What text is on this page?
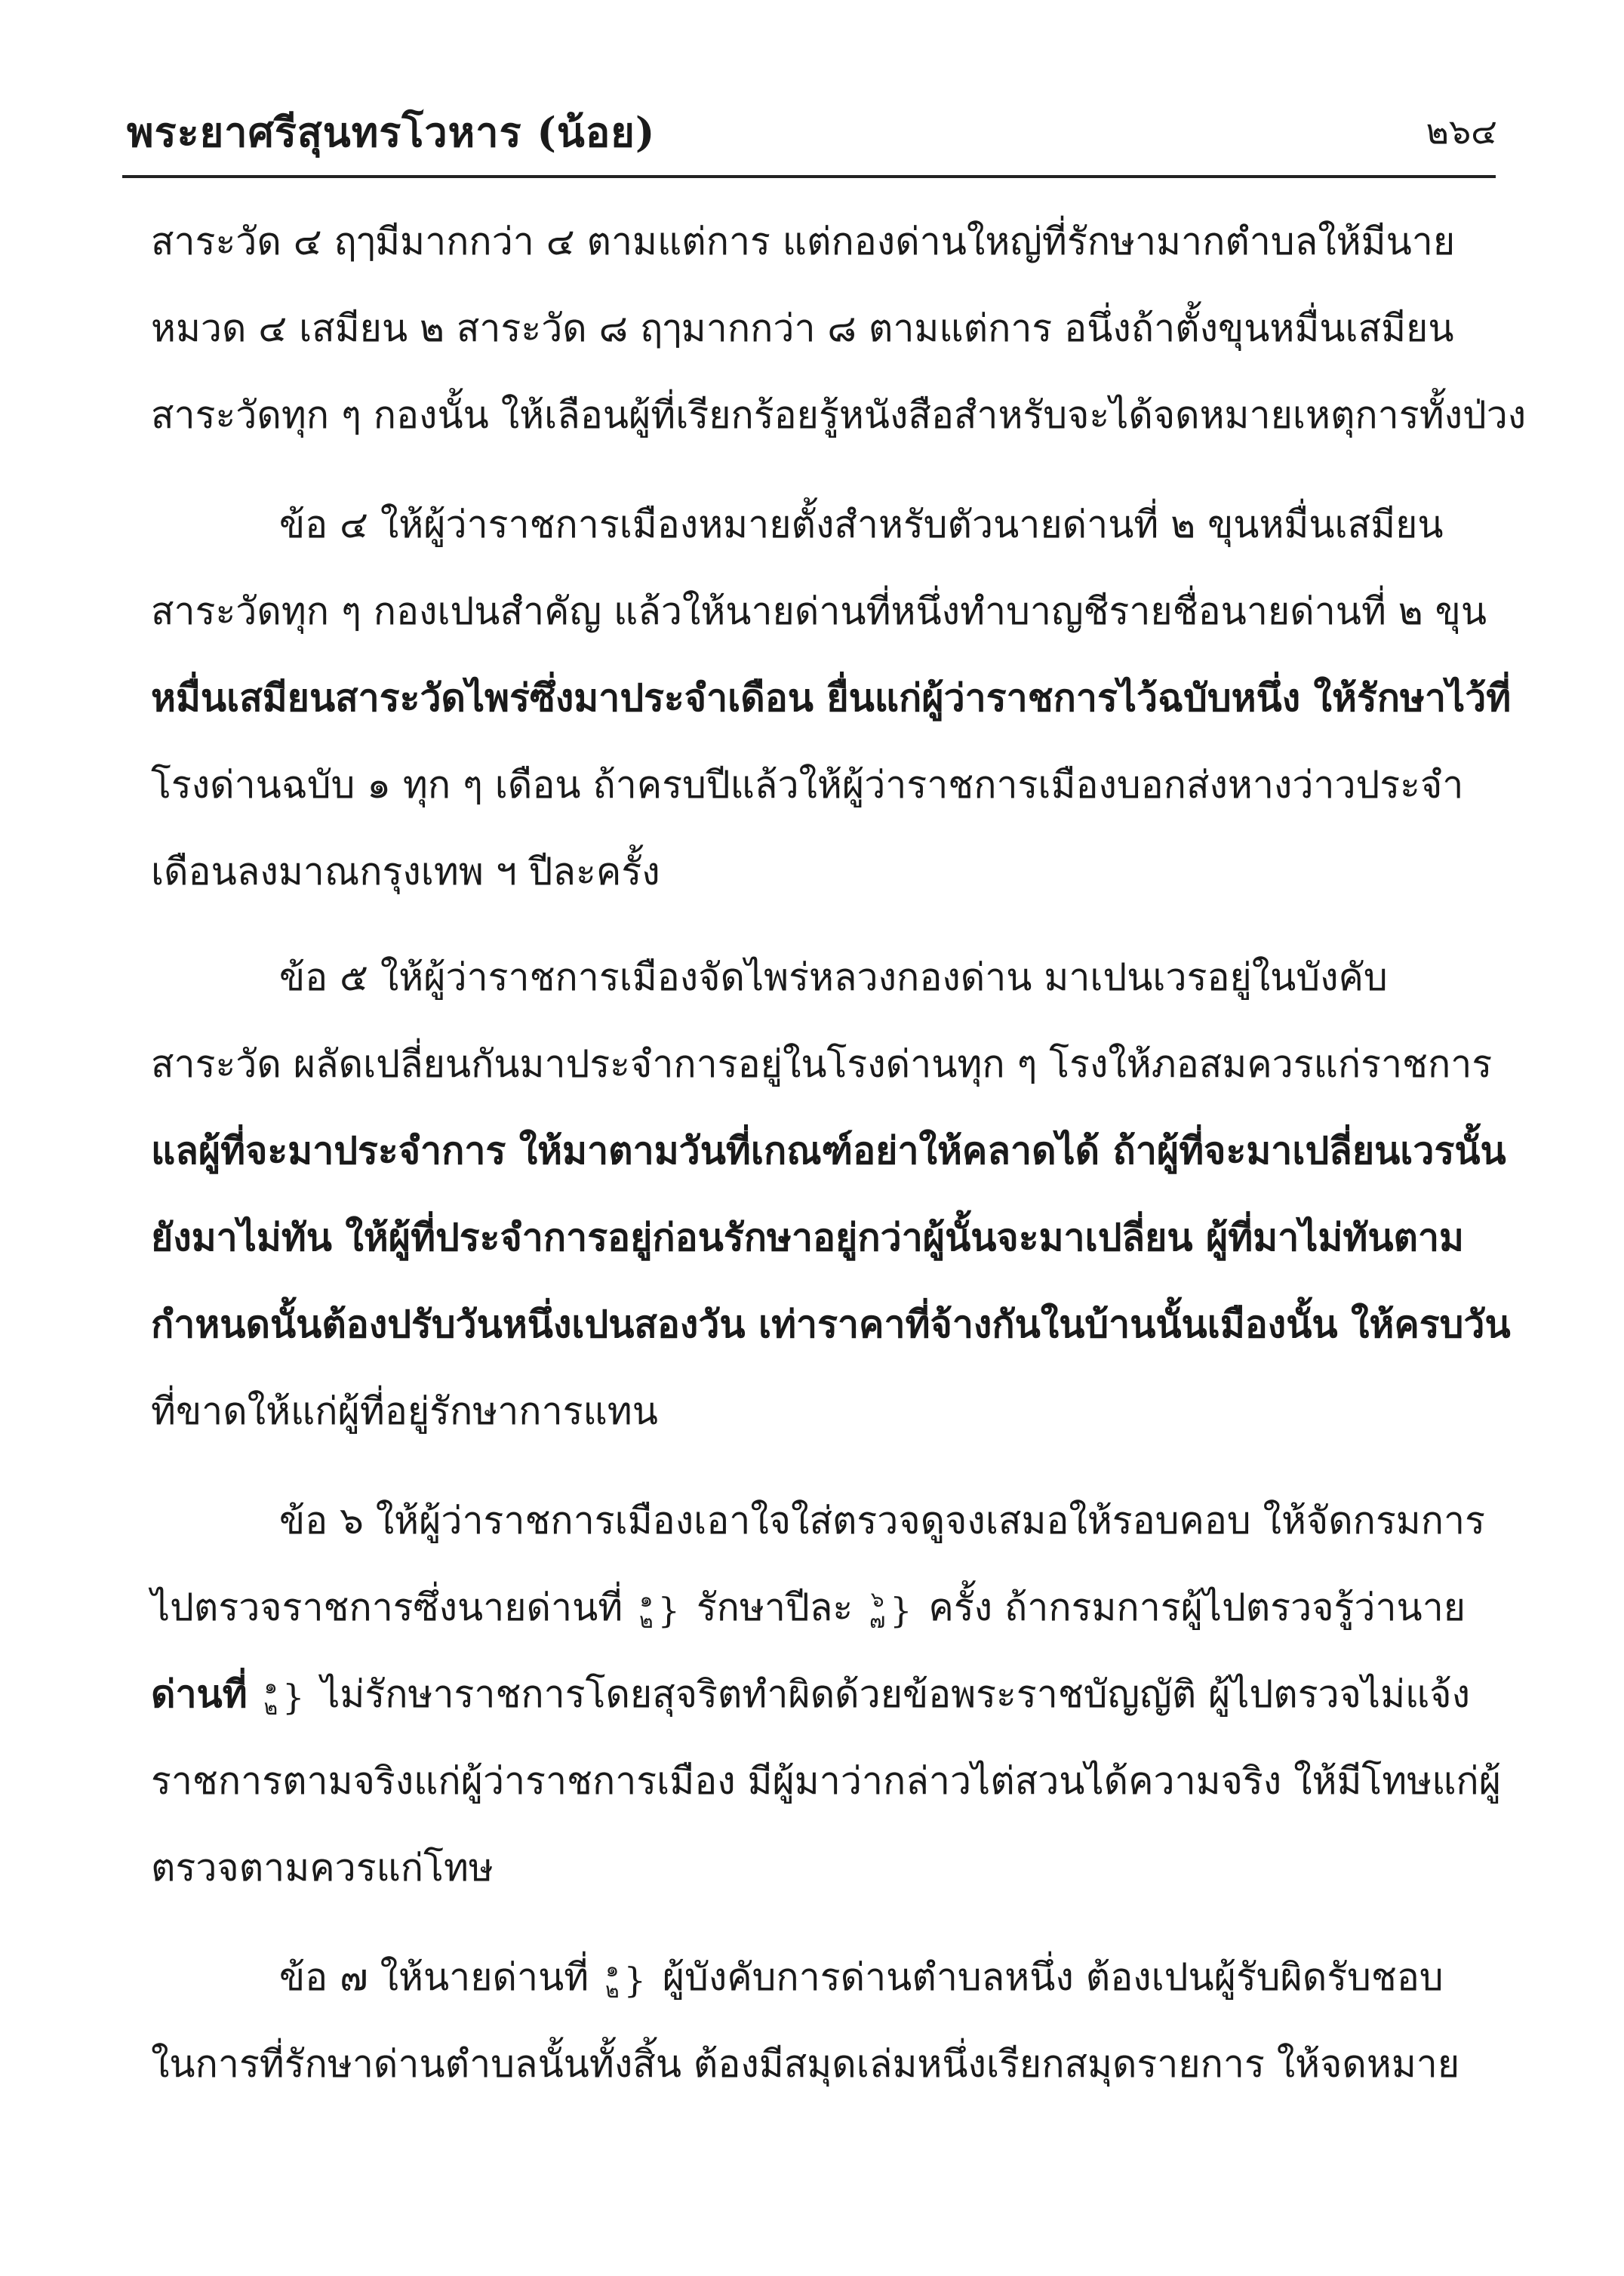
พระยาศรีสุนทรโวหาร (น้อย)	๒๖๔
สาระวัด ๔ ฤๅมีมากกว่า ๔ ตามแต่การ แต่กองด่านใหญ่ที่รักษามากตำบลให้มีนาย
หมวด ๔ เสมียน ๒ สาระวัด ๘ ฤๅมากกว่า ๘ ตามแต่การ อนึ่งถ้าตั้งขุนหมื่นเสมียน
สาระวัดทุก ๆ กองนั้น ให้เลือนผู้ที่เรียกร้อยรู้หนังสือสำหรับจะได้จดหมายเหตุการทั้งป่วง
ข้อ ๔ ให้ผู้ว่าราชการเมืองหมายตั้งสำหรับตัวนายด่านที่ ๒ ขุนหมื่นเสมียน
สาระวัดทุก ๆ กองเปนสำคัญ แล้วให้นายด่านที่หนึ่งทำบาญชีรายชื่อนายด่านที่ ๒ ขุน
หมื่นเสมียนสาระวัดไพร่ซึ่งมาประจำเดือน ยื่นแก่ผู้ว่าราชการไว้ฉบับหนึ่ง ให้รักษาไว้ที่
โรงด่านฉบับ ๑ ทุก ๆ เดือน ถ้าครบปีแล้วให้ผู้ว่าราชการเมืองบอกส่งหางว่าวประจำ
เดือนลงมาณกรุงเทพ ฯ ปีละครั้ง
ข้อ ๕ ให้ผู้ว่าราชการเมืองจัดไพร่หลวงกองด่าน มาเปนเวรอยู่ในบังคับ
สาระวัด ผลัดเปลี่ยนกันมาประจำการอยู่ในโรงด่านทุก ๆ โรงให้ภอสมควรแก่ราชการ
แลผู้ที่จะมาประจำการ ให้มาตามวันที่เกณฑ์อย่าให้คลาดได้ ถ้าผู้ที่จะมาเปลี่ยนเวรนั้น
ยังมาไม่ทัน ให้ผู้ที่ประจำการอยู่ก่อนรักษาอยู่กว่าผู้นั้นจะมาเปลี่ยน ผู้ที่มาไม่ทันตาม
กำหนดนั้นต้องปรับวันหนึ่งเปนสองวัน เท่าราคาที่จ้างกันในบ้านนั้นเมืองนั้น ให้ครบวัน
ที่ขาดให้แก่ผู้ที่อยู่รักษาการแทน
ข้อ ๖ ให้ผู้ว่าราชการเมืองเอาใจใส่ตรวจดูจงเสมอให้รอบคอบ ให้จัดกรมการ
ไปตรวจราชการซึ่งนายด่านที่ ๑
๒ } รักษาปีละ ๖
๗ } ครั้ง ถ้ากรมการผู้ไปตรวจรู้ว่านาย
ด่านที่ ๑
๒ } ไม่รักษาราชการโดยสุจริตทำผิดด้วยข้อพระราชบัญญัติ ผู้ไปตรวจไม่แจ้ง
ราชการตามจริงแก่ผู้ว่าราชการเมือง มีผู้มาว่ากล่าวไต่สวนได้ความจริง ให้มีโทษแก่ผู้
ตรวจตามควรแก่โทษ
ข้อ ๗ ให้นายด่านที่ ๑
๒ } ผู้บังคับการด่านตำบลหนึ่ง ต้องเปนผู้รับผิดรับชอบ
ในการที่รักษาด่านตำบลนั้นทั้งสิ้น ต้องมีสมุดเล่มหนึ่งเรียกสมุดรายการ ให้จดหมาย
